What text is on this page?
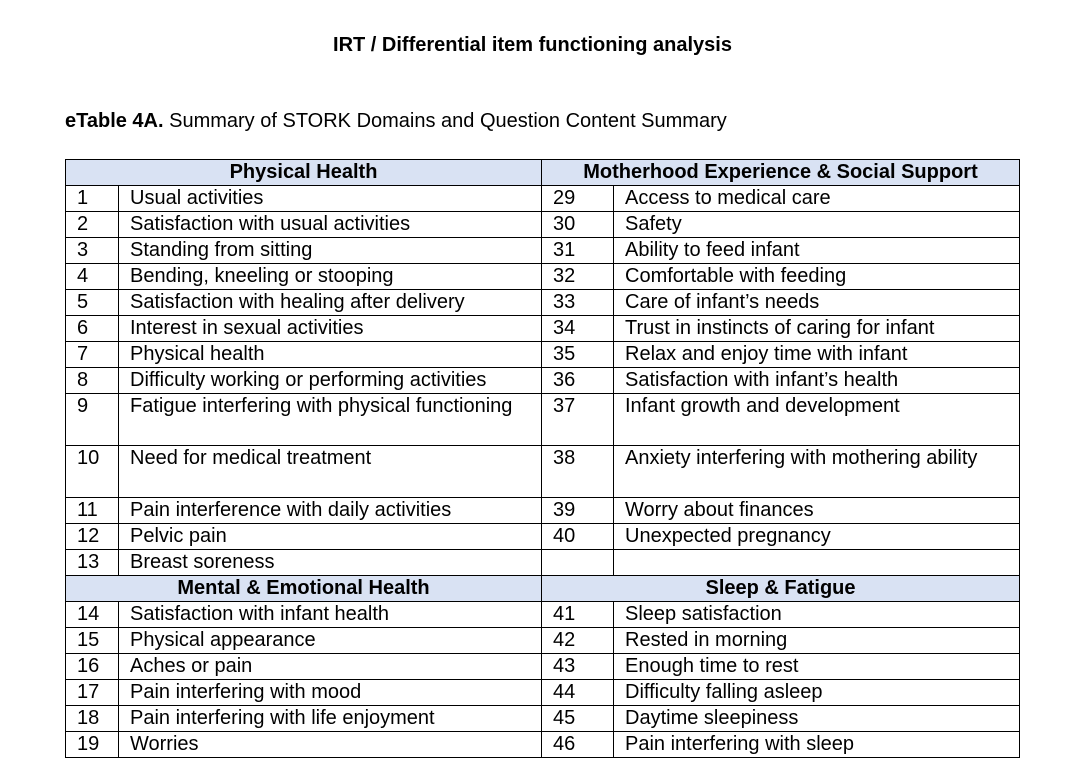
IRT / Differential item functioning analysis
eTable 4A. Summary of STORK Domains and Question Content Summary
Physical Health		Motherhood Experience & Social Support	
1	Usual activities	29	Access to medical care
2	Satisfaction with usual activities	30	Safety
3	Standing from sitting	31	Ability to feed infant
4	Bending, kneeling or stooping	32	Comfortable with feeding
5	Satisfaction with healing after delivery	33	Care of infant’s needs
6	Interest in sexual activities	34	Trust in instincts of caring for infant
7	Physical health	35	Relax and enjoy time with infant
8	Difficulty working or performing activities	36	Satisfaction with infant’s health
9	Fatigue interfering with physical functioning	37	Infant growth and development
10	Need for medical treatment	38	Anxiety interfering with mothering ability
11	Pain interference with daily activities	39	Worry about finances
12	Pelvic pain	40	Unexpected pregnancy
13	Breast soreness		
Mental & Emotional Health		Sleep & Fatigue	
14	Satisfaction with infant health	41	Sleep satisfaction
15	Physical appearance	42	Rested in morning
16	Aches or pain	43	Enough time to rest
17	Pain interfering with mood	44	Difficulty falling asleep
18	Pain interfering with life enjoyment	45	Daytime sleepiness
19	Worries	46	Pain interfering with sleep
